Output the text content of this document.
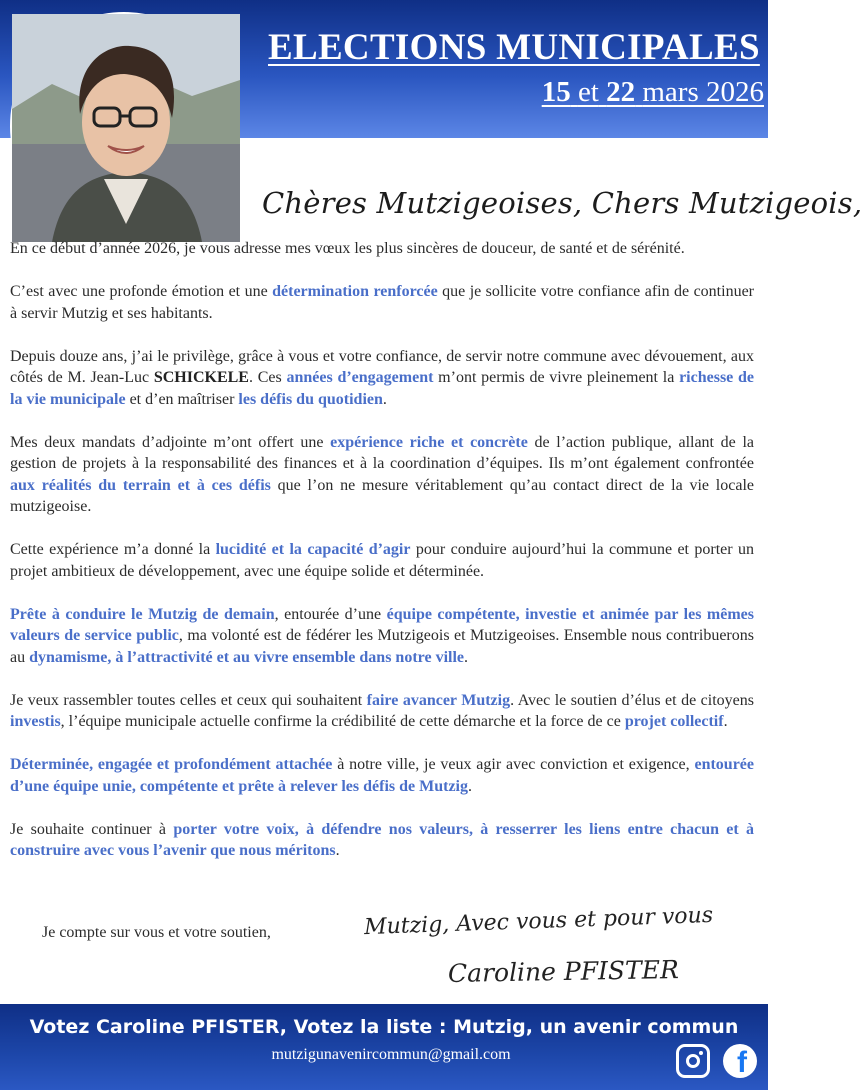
ELECTIONS MUNICIPALES
15 et 22 mars 2026
Chères Mutzigeoises, Chers Mutzigeois,

En ce début d’année 2026, je vous adresse mes vœux les plus sincères de douceur, de santé et de sérénité.

C’est avec une profonde émotion et une détermination renforcée que je sollicite votre confiance afin de continuer à servir Mutzig et ses habitants.

Depuis douze ans, j’ai le privilège, grâce à vous et votre confiance, de servir notre commune avec dévouement, aux côtés de M. Jean-Luc SCHICKELE. Ces années d’engagement m’ont permis de vivre pleinement la richesse de la vie municipale et d’en maîtriser les défis du quotidien.

Mes deux mandats d’adjointe m’ont offert une expérience riche et concrète de l’action publique, allant de la gestion de projets à la responsabilité des finances et à la coordination d’équipes. Ils m’ont également confrontée aux réalités du terrain et à ces défis que l’on ne mesure véritablement qu’au contact direct de la vie locale mutzigeoise.

Cette expérience m’a donné la lucidité et la capacité d’agir pour conduire aujourd’hui la commune et porter un projet ambitieux de développement, avec une équipe solide et déterminée.

Prête à conduire le Mutzig de demain, entourée d’une équipe compétente, investie et animée par les mêmes valeurs de service public, ma volonté est de fédérer les Mutzigeois et Mutzigeoises. Ensemble nous contribuerons au dynamisme, à l’attractivité et au vivre ensemble dans notre ville.

Je veux rassembler toutes celles et ceux qui souhaitent faire avancer Mutzig. Avec le soutien d’élus et de citoyens investis, l’équipe municipale actuelle confirme la crédibilité de cette démarche et la force de ce projet collectif.

Déterminée, engagée et profondément attachée à notre ville, je veux agir avec conviction et exigence, entourée d’une équipe unie, compétente et prête à relever les défis de Mutzig.

Je souhaite continuer à porter votre voix, à défendre nos valeurs, à resserrer les liens entre chacun et à construire avec vous l’avenir que nous méritons.

Je compte sur vous et votre soutien,	Mutzig, Avec vous et pour vous
Caroline PFISTER
Votez Caroline PFISTER, Votez la liste : Mutzig, un avenir commun
mutzigunavenircommun@gmail.com	f
